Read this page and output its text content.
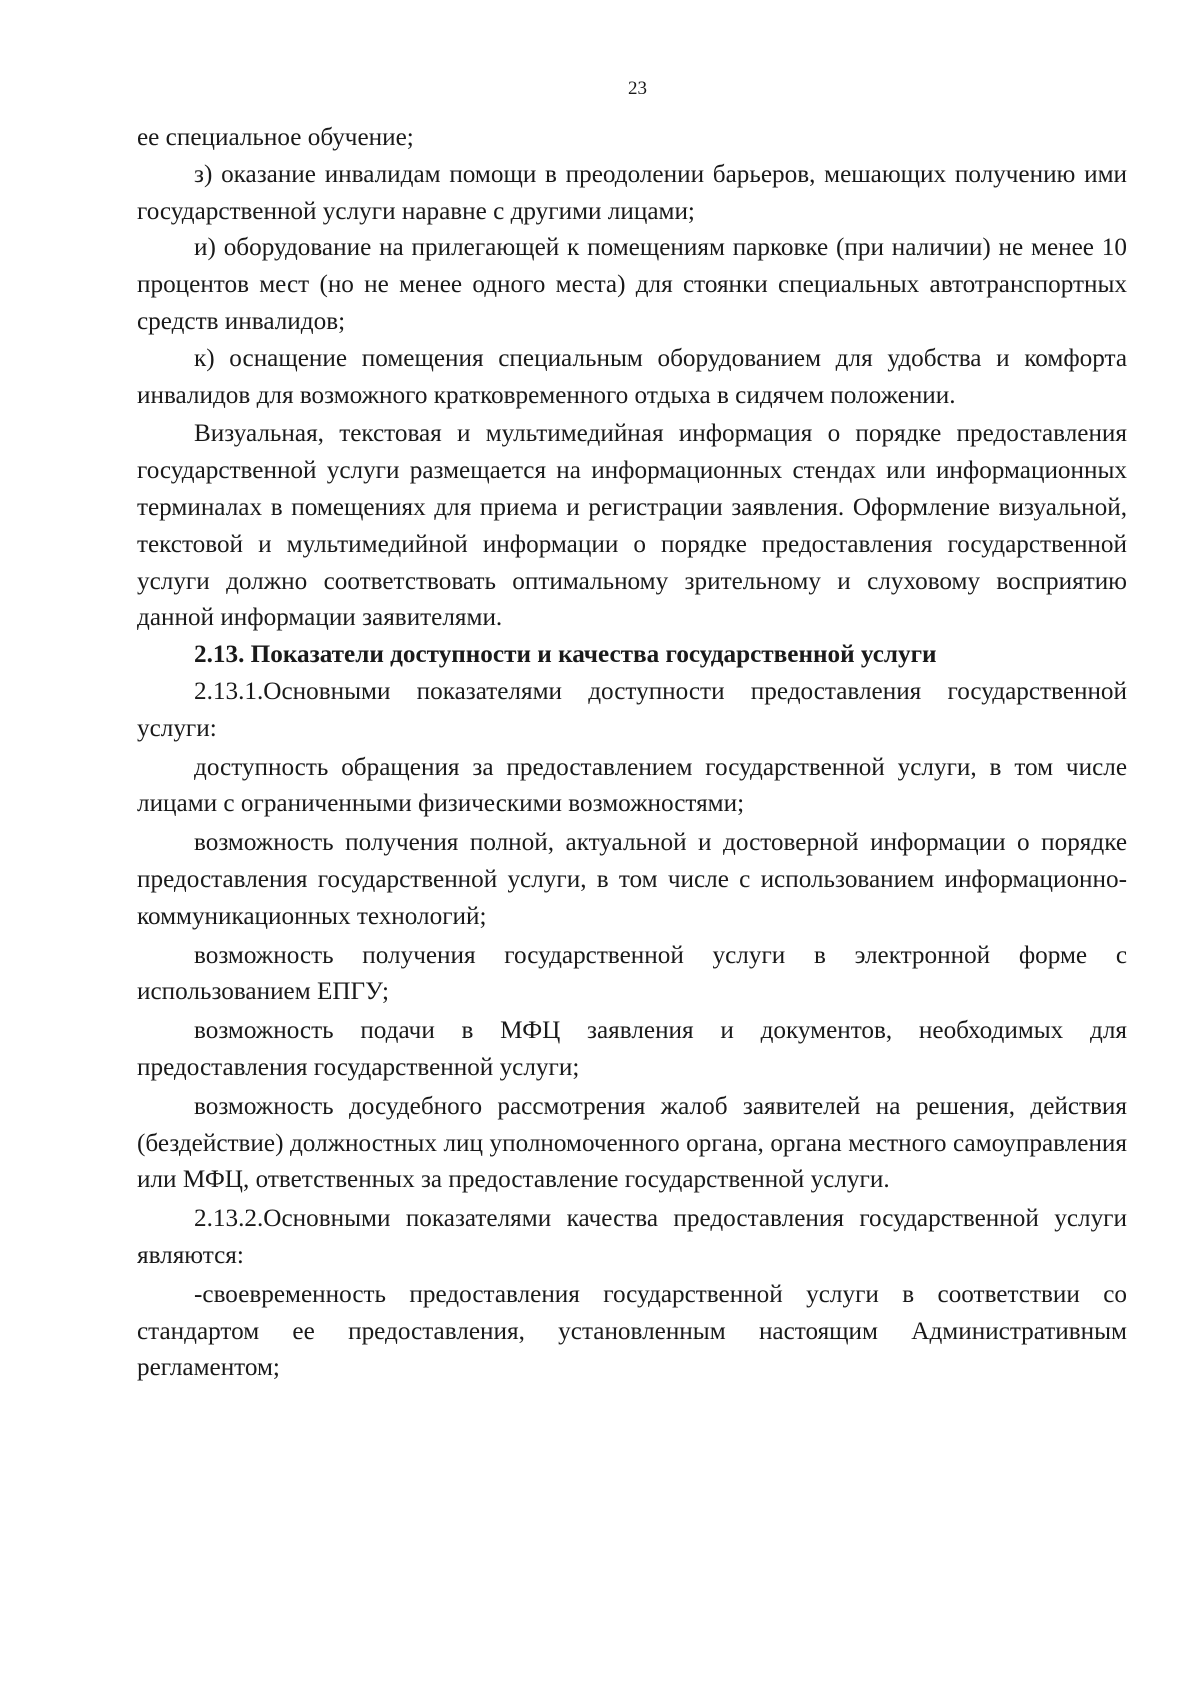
23

ее специальное обучение;

з) оказание инвалидам помощи в преодолении барьеров, мешающих получению ими государственной услуги наравне с другими лицами;

и) оборудование на прилегающей к помещениям парковке (при наличии) не менее 10 процентов мест (но не менее одного места) для стоянки специальных автотранспортных средств инвалидов;

к) оснащение помещения специальным оборудованием для удобства и комфорта инвалидов для возможного кратковременного отдыха в сидячем положении.

Визуальная, текстовая и мультимедийная информация о порядке предоставления государственной услуги размещается на информационных стендах или информационных терминалах в помещениях для приема и регистрации заявления. Оформление визуальной, текстовой и мультимедийной информации о порядке предоставления государственной услуги должно соответствовать оптимальному зрительному и слуховому восприятию данной информации заявителями.

2.13. Показатели доступности и качества государственной услуги

2.13.1.Основными показателями доступности предоставления государственной услуги:

доступность обращения за предоставлением государственной услуги, в том числе лицами с ограниченными физическими возможностями;

возможность получения полной, актуальной и достоверной информации о порядке предоставления государственной услуги, в том числе с использованием информационно-коммуникационных технологий;

возможность получения государственной услуги в электронной форме с использованием ЕПГУ;

возможность подачи в МФЦ заявления и документов, необходимых для предоставления государственной услуги;

возможность досудебного рассмотрения жалоб заявителей на решения, действия (бездействие) должностных лиц уполномоченного органа, органа местного самоуправления или МФЦ, ответственных за предоставление государственной услуги.

2.13.2.Основными показателями качества предоставления государственной услуги являются:

-своевременность предоставления государственной услуги в соответствии со стандартом ее предоставления, установленным настоящим Административным регламентом;
